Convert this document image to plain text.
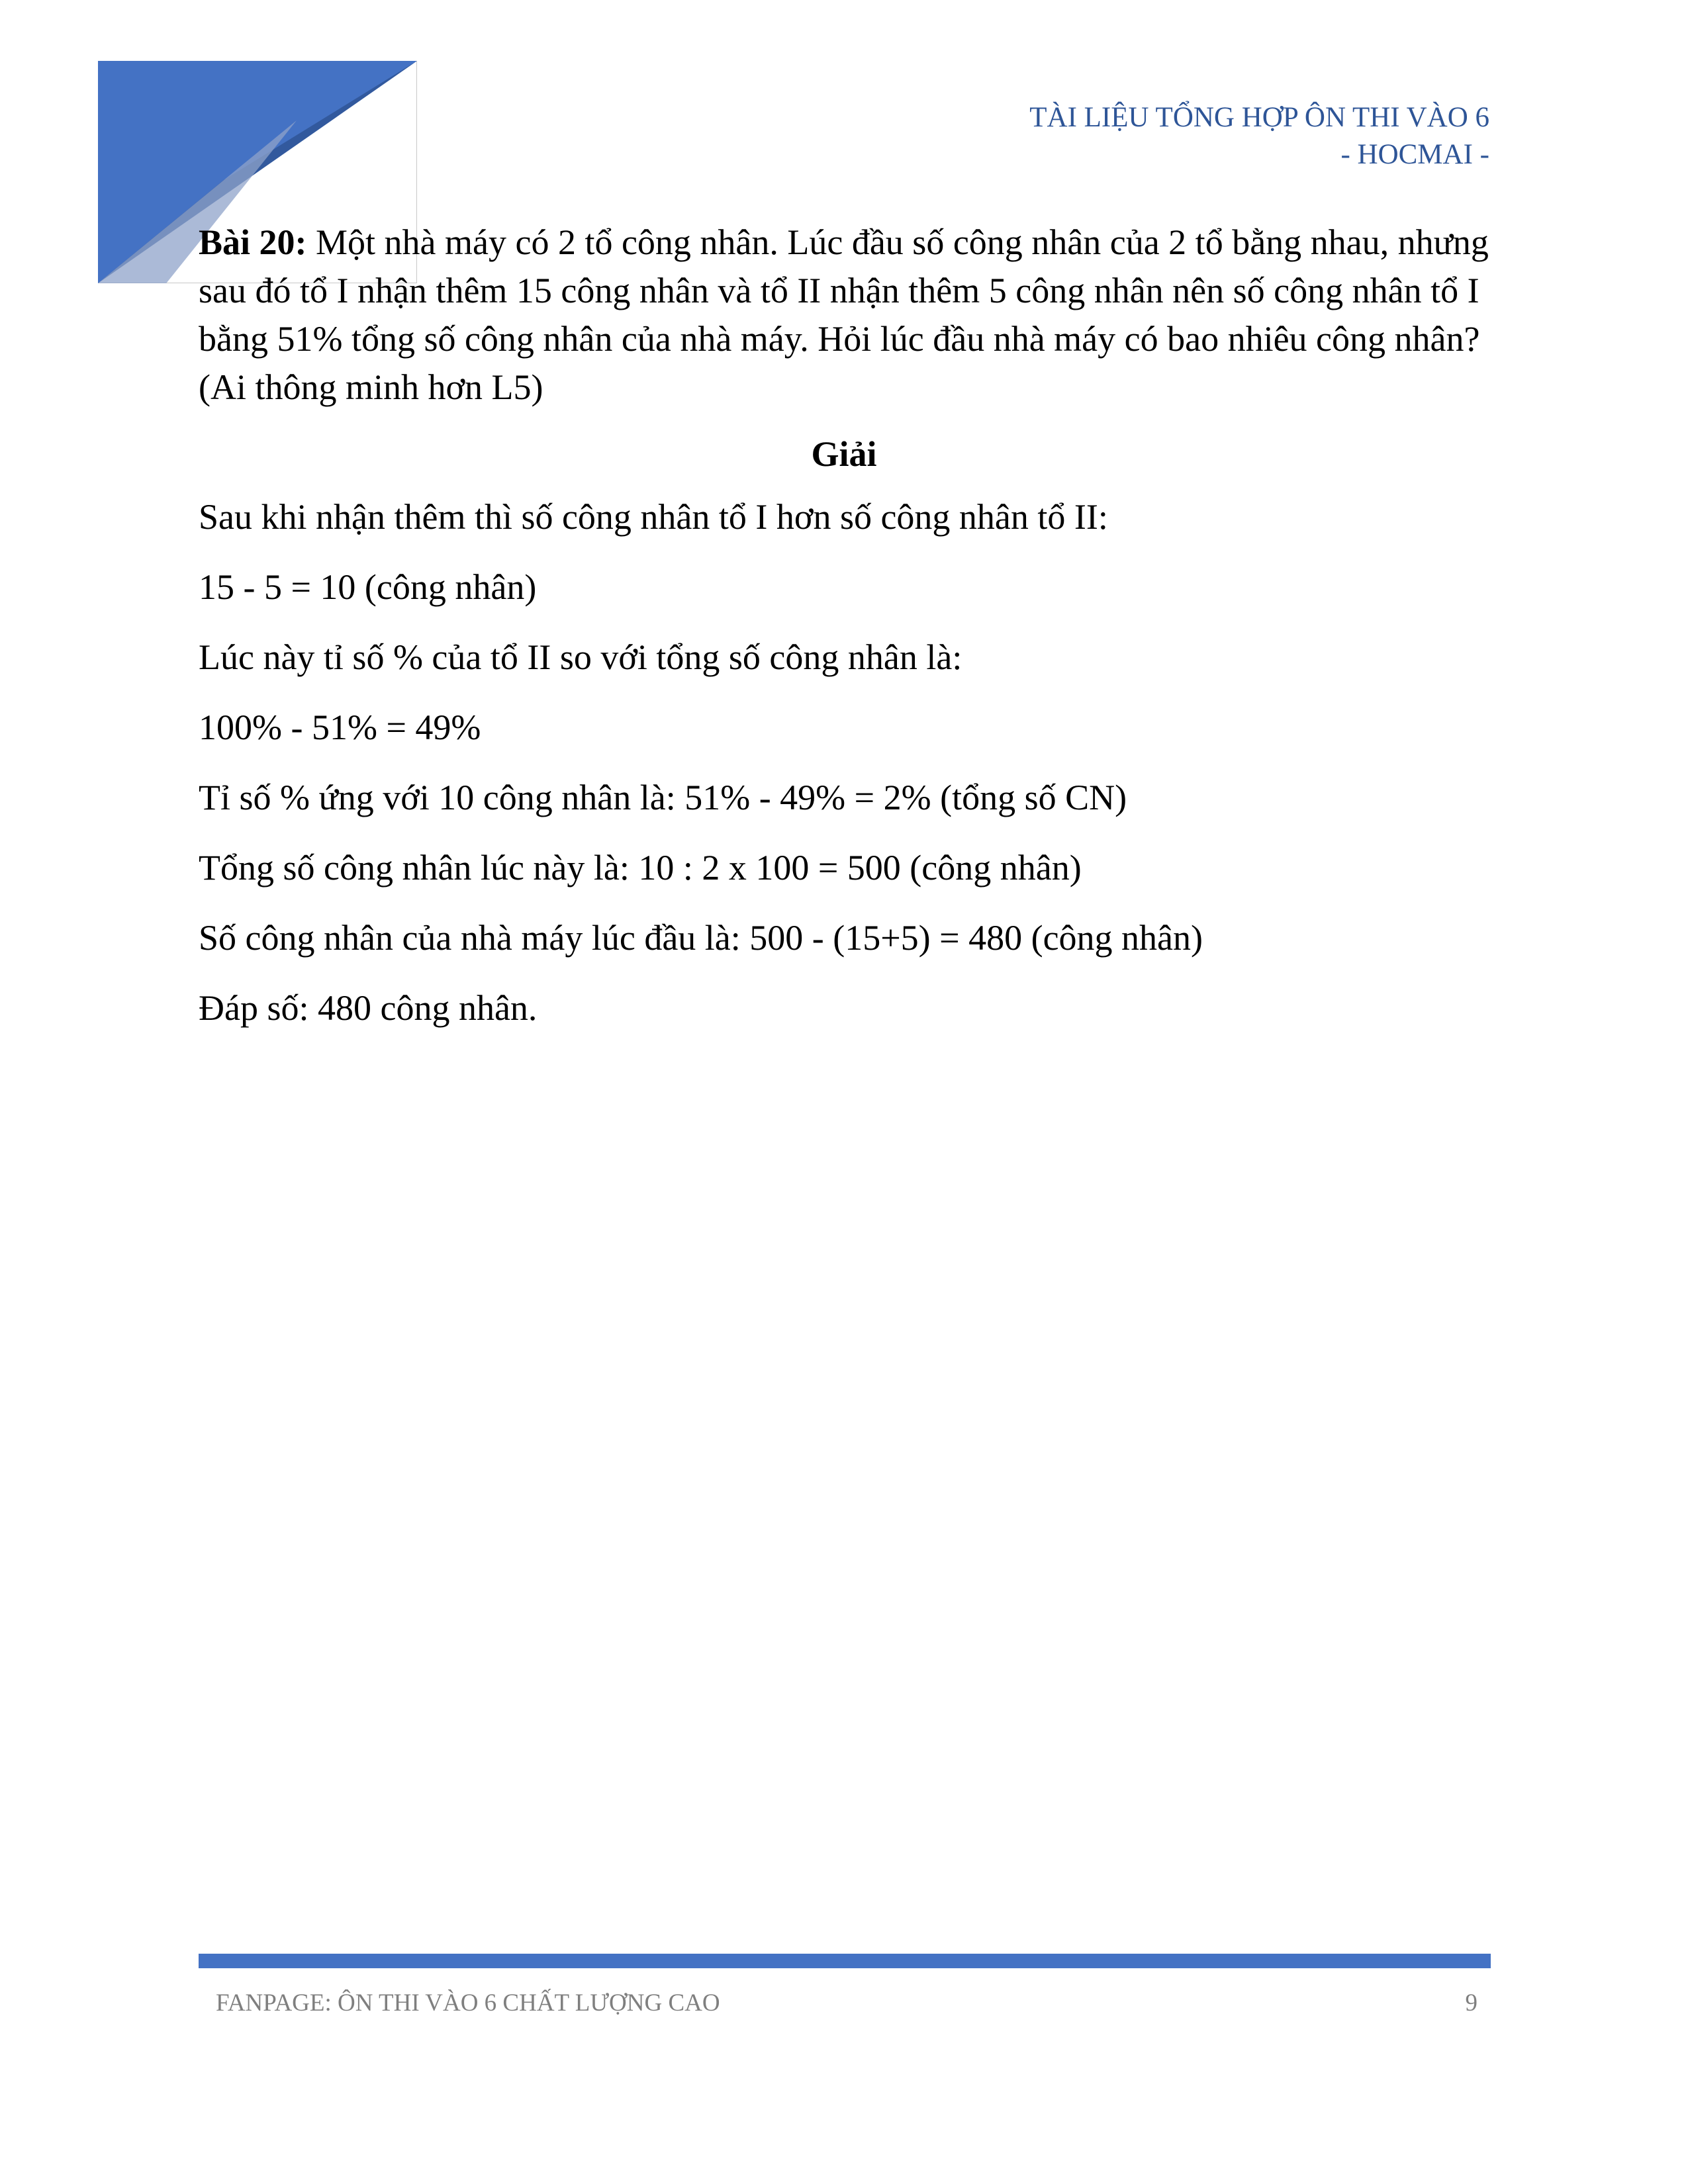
TÀI LIỆU TỔNG HỢP ÔN THI VÀO 6
- HOCMAI -

Bài 20: Một nhà máy có 2 tổ công nhân. Lúc đầu số công nhân của 2 tổ bằng nhau, nhưng sau đó tổ I nhận thêm 15 công nhân và tổ II nhận thêm 5 công nhân nên số công nhân tổ I bằng 51% tổng số công nhân của nhà máy. Hỏi lúc đầu nhà máy có bao nhiêu công nhân? (Ai thông minh hơn L5)

Giải
Sau khi nhận thêm thì số công nhân tổ I hơn số công nhân tổ II:
15 - 5 = 10 (công nhân)
Lúc này tỉ số % của tổ II so với tổng số công nhân là:
100% - 51% = 49%
Tỉ số % ứng với 10 công nhân là: 51% - 49% = 2% (tổng số CN)
Tổng số công nhân lúc này là: 10 : 2 x 100 = 500 (công nhân)
Số công nhân của nhà máy lúc đầu là: 500 - (15+5) = 480 (công nhân)
Đáp số: 480 công nhân.
FANPAGE: ÔN THI VÀO 6 CHẤT LƯỢNG CAO	9
